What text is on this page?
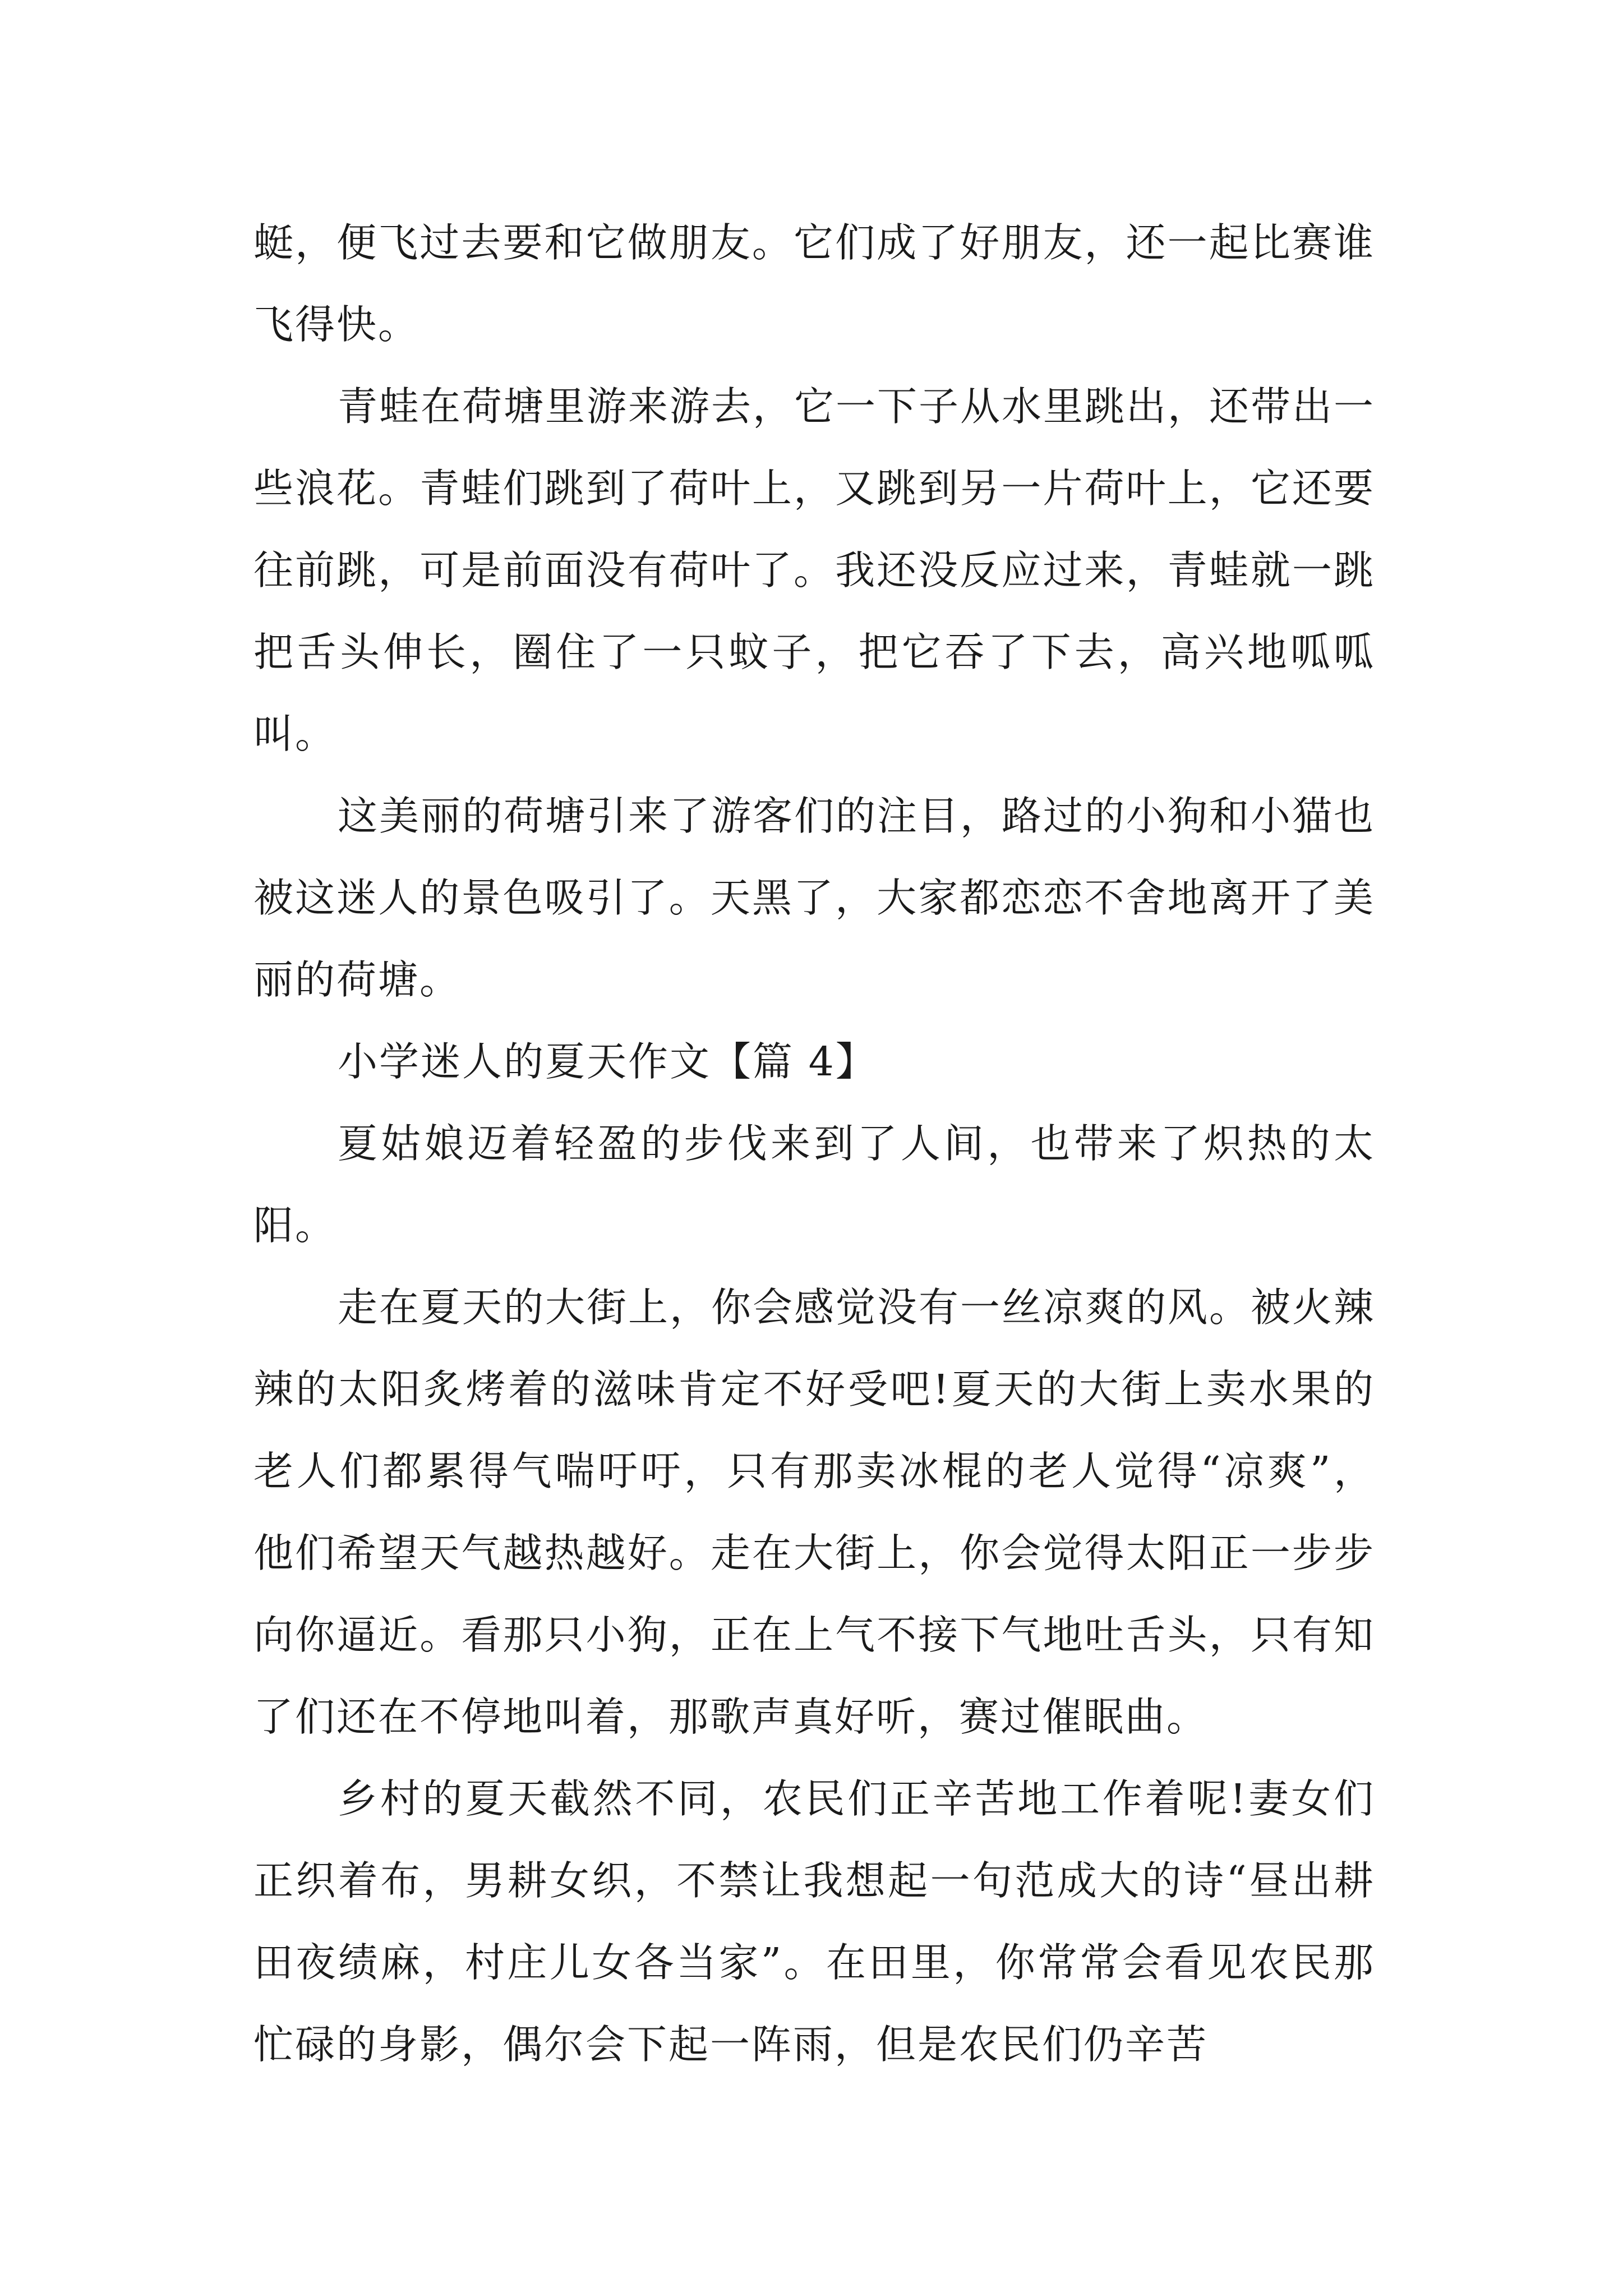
蜓，便飞过去要和它做朋友。它们成了好朋友，还一起比赛谁飞得快。

青蛙在荷塘里游来游去，它一下子从水里跳出，还带出一些浪花。青蛙们跳到了荷叶上，又跳到另一片荷叶上，它还要往前跳，可是前面没有荷叶了。我还没反应过来，青蛙就一跳把舌头伸长，圈住了一只蚊子，把它吞了下去，高兴地呱呱叫。

这美丽的荷塘引来了游客们的注目，路过的小狗和小猫也被这迷人的景色吸引了。天黑了，大家都恋恋不舍地离开了美丽的荷塘。

小学迷人的夏天作文【篇 4】

夏姑娘迈着轻盈的步伐来到了人间，也带来了炽热的太阳。

走在夏天的大街上，你会感觉没有一丝凉爽的风。被火辣辣的太阳炙烤着的滋味肯定不好受吧!夏天的大街上卖水果的老人们都累得气喘吁吁，只有那卖冰棍的老人觉得“凉爽”，他们希望天气越热越好。走在大街上，你会觉得太阳正一步步向你逼近。看那只小狗，正在上气不接下气地吐舌头，只有知了们还在不停地叫着，那歌声真好听，赛过催眠曲。

乡村的夏天截然不同，农民们正辛苦地工作着呢!妻女们正织着布，男耕女织，不禁让我想起一句范成大的诗“昼出耕田夜绩麻，村庄儿女各当家”。在田里，你常常会看见农民那忙碌的身影，偶尔会下起一阵雨，但是农民们仍辛苦
